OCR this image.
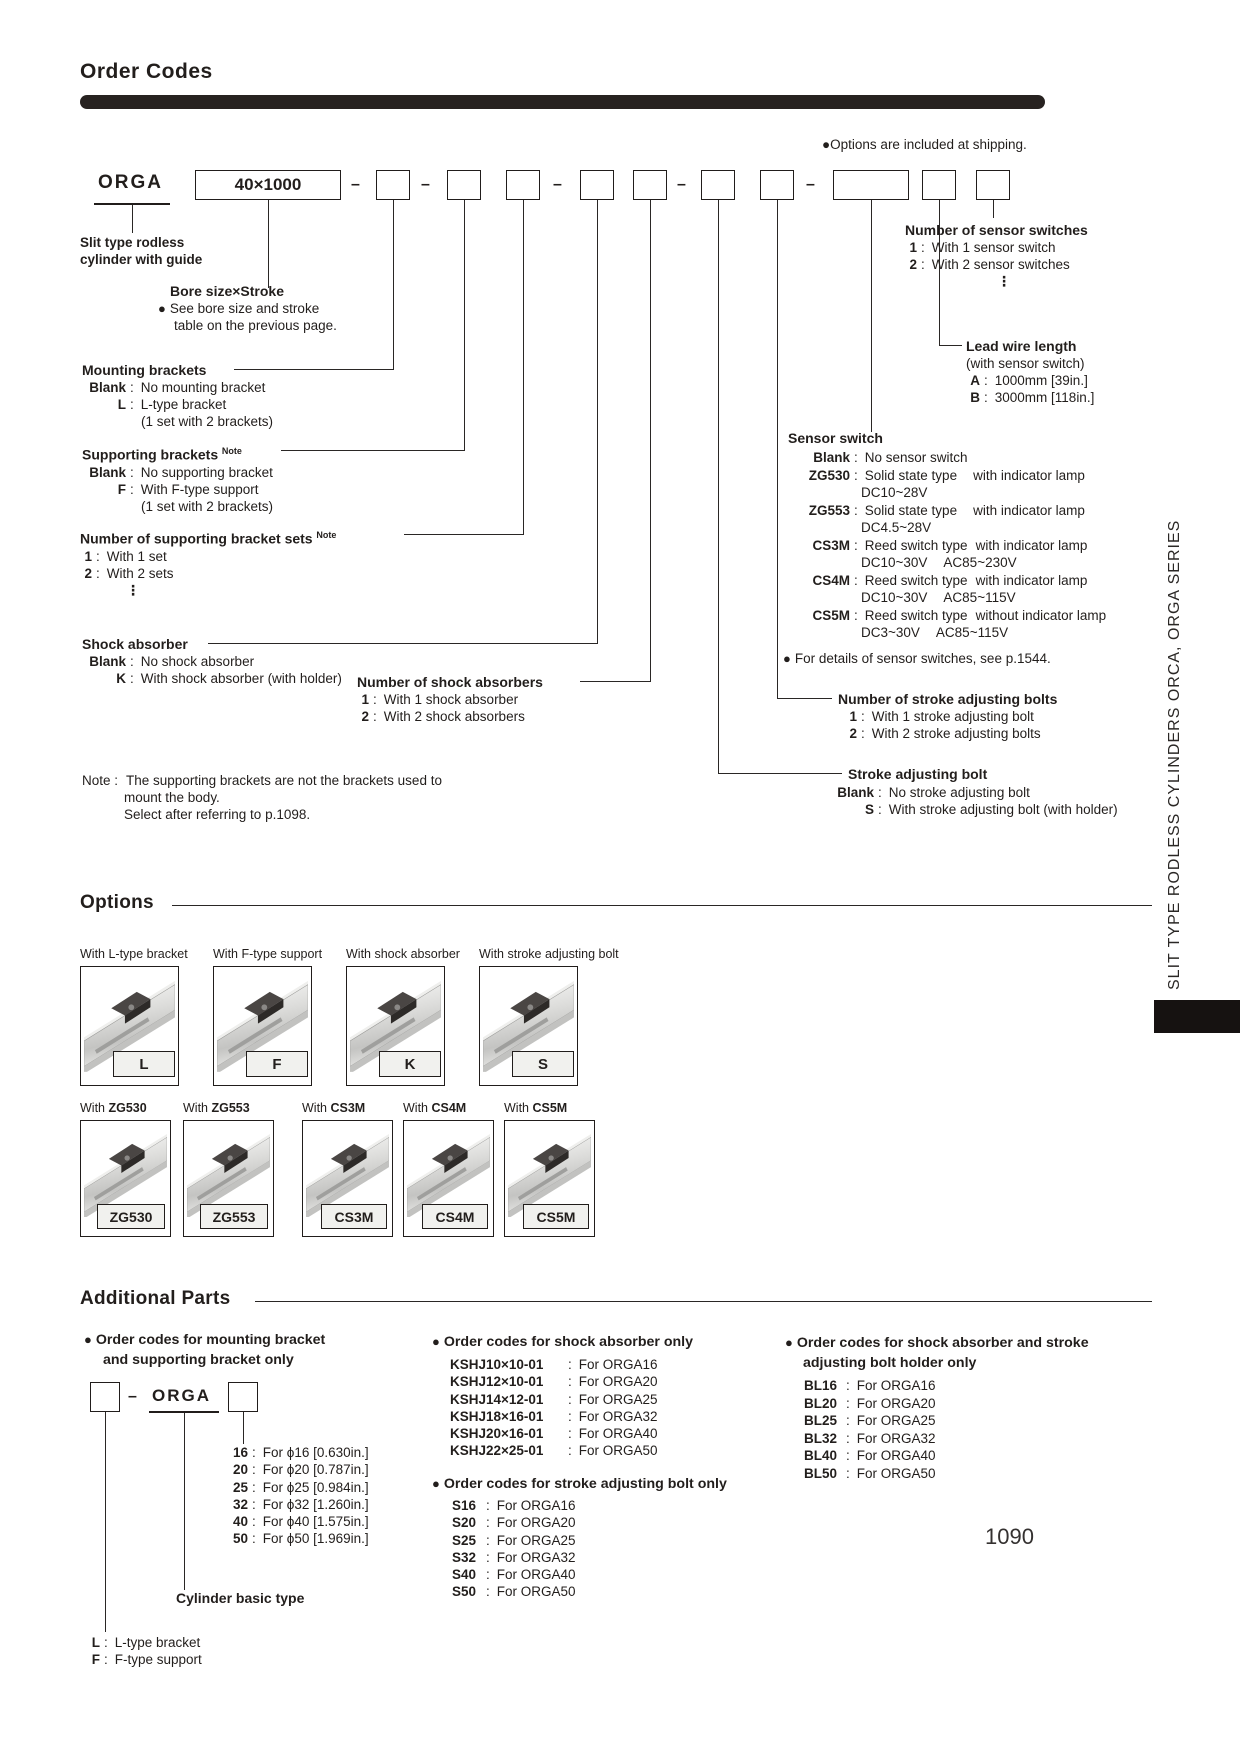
Order Codes
●Options are included at shipping.
ORGA	40×1000	–	–	–	–	–
Slit type rodless
cylinder with guide
Bore size×Stroke
● See bore size and stroke
table on the previous page.
Mounting brackets
Blank : No mounting bracket
L : L-type bracket
(1 set with 2 brackets)
Supporting brackets $^{Note}$
Blank : No supporting bracket
F : With F-type support
(1 set with 2 brackets)
Number of supporting bracket sets $^{Note}$
1 : With 1 set
2 : With 2 sets
⋮
Shock absorber
Blank : No shock absorber
K : With shock absorber (with holder) Number of shock absorbers
1 : With 1 shock absorber
2 : With 2 shock absorbers
Note : The supporting brackets are not the brackets used to
mount the body.
Select after referring to p.1098.
Number of sensor switches
1 : With 1 sensor switch
2 : With 2 sensor switches
⋮
Lead wire length
(with sensor switch)
A : 1000mm [39in.]
B : 3000mm [118in.]
Sensor switch
Blank : No sensor switch
ZG530 : Solid state type with indicator lamp
DC10~28V
ZG553 : Solid state type with indicator lamp
DC4.5~28V
CS3M : Reed switch type with indicator lamp
DC10~30V AC85~230V
CS4M : Reed switch type with indicator lamp
DC10~30V AC85~115V
CS5M : Reed switch type without indicator lamp
DC3~30V AC85~115V
● For details of sensor switches, see p.1544.
Number of stroke adjusting bolts
1 : With 1 stroke adjusting bolt
2 : With 2 stroke adjusting bolts
Stroke adjusting bolt
Blank : No stroke adjusting bolt
S : With stroke adjusting bolt (with holder)
Options
With L-type bracket With F-type support With shock absorber With stroke adjusting bolt
L	F	K	S
With ZG530	With ZG553	With CS3M	With CS4M	With CS5M
ZG530	ZG553	CS3M	CS4M	CS5M
Additional Parts
● Order codes for mounting bracket
and supporting bracket only
– ORGA
16 : For ϕ16 [0.630in.]
20 : For ϕ20 [0.787in.]
25 : For ϕ25 [0.984in.]
32 : For ϕ32 [1.260in.]
40 : For ϕ40 [1.575in.]
50 : For ϕ50 [1.969in.]
Cylinder basic type
L : L-type bracket
F : F-type support
● Order codes for shock absorber only
KSHJ10×10-01	: For ORGA16
KSHJ12×10-01	: For ORGA20
KSHJ14×12-01	: For ORGA25
KSHJ18×16-01	: For ORGA32
KSHJ20×16-01	: For ORGA40
KSHJ22×25-01	: For ORGA50
● Order codes for stroke adjusting bolt only
S16 : For ORGA16
S20 : For ORGA20
S25 : For ORGA25
S32 : For ORGA32
S40 : For ORGA40
S50 : For ORGA50
● Order codes for shock absorber and stroke
adjusting bolt holder only
BL16 : For ORGA16
BL20 : For ORGA20
BL25 : For ORGA25
BL32 : For ORGA32
BL40 : For ORGA40
BL50 : For ORGA50
SLIT TYPE RODLESS CYLINDERS ORCA, ORGA SERIES
1090
